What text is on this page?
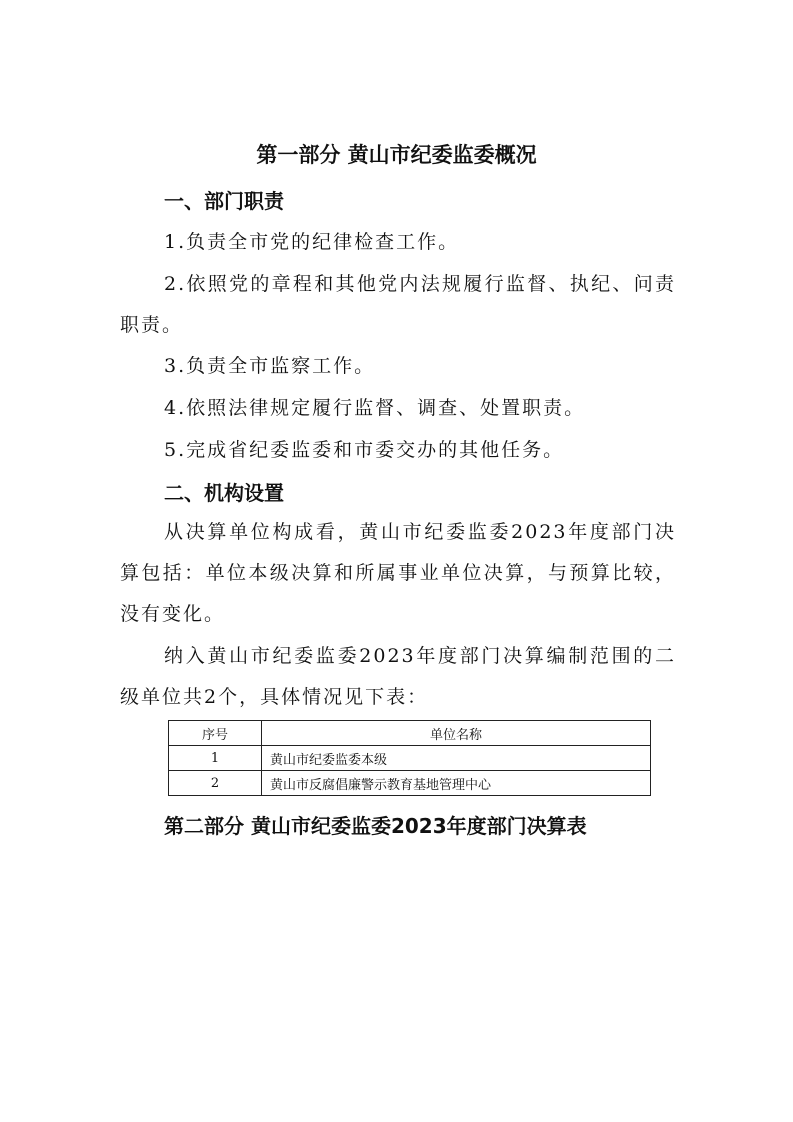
第一部分 黄山市纪委监委概况
一、部门职责

1.负责全市党的纪律检查工作。

2.依照党的章程和其他党内法规履行监督、执纪、问责职责。

3.负责全市监察工作。

4.依照法律规定履行监督、调查、处置职责。

5.完成省纪委监委和市委交办的其他任务。

二、机构设置

从决算单位构成看，黄山市纪委监委2023年度部门决算包括：单位本级决算和所属事业单位决算，与预算比较，没有变化。

纳入黄山市纪委监委2023年度部门决算编制范围的二级单位共2个，具体情况见下表：

序号	单位名称
1	黄山市纪委监委本级
2	黄山市反腐倡廉警示教育基地管理中心
第二部分 黄山市纪委监委2023年度部门决算表
